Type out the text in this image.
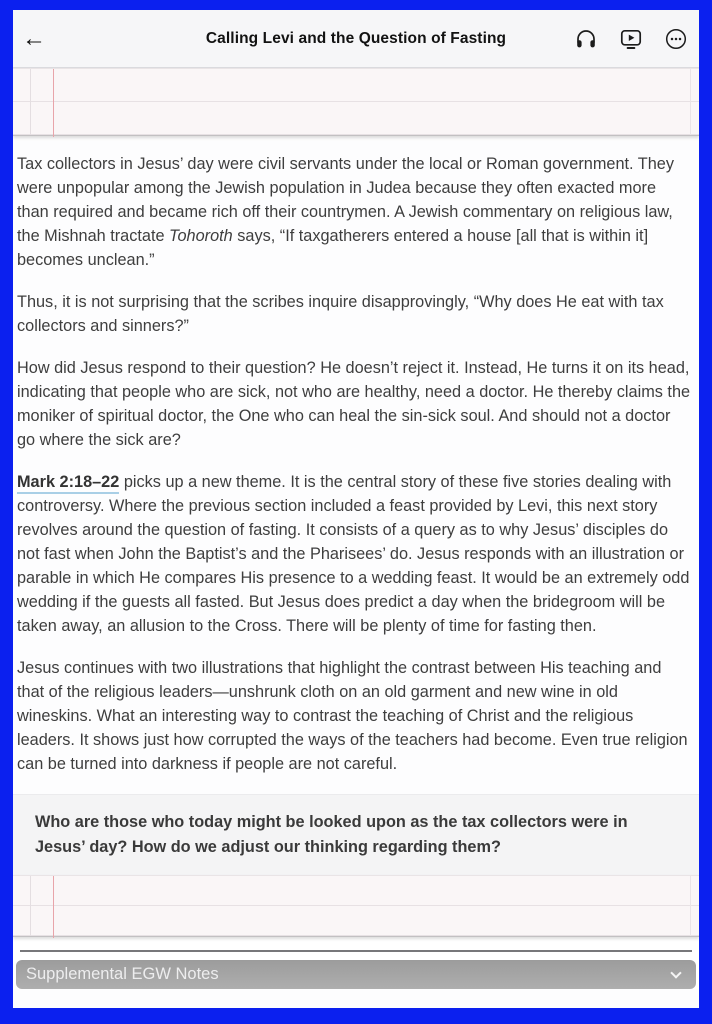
←	Calling Levi and the Question of Fasting

Tax collectors in Jesus’ day were civil servants under the local or Roman government. They were unpopular among the Jewish population in Judea because they often exacted more than required and became rich off their countrymen. A Jewish commentary on religious law, the Mishnah tractate Tohoroth says, “If taxgatherers entered a house [all that is within it] becomes unclean.”

Thus, it is not surprising that the scribes inquire disapprovingly, “Why does He eat with tax collectors and sinners?”

How did Jesus respond to their question? He doesn’t reject it. Instead, He turns it on its head, indicating that people who are sick, not who are healthy, need a doctor. He thereby claims the moniker of spiritual doctor, the One who can heal the sin-sick soul. And should not a doctor go where the sick are?

Mark 2:18–22 picks up a new theme. It is the central story of these five stories dealing with controversy. Where the previous section included a feast provided by Levi, this next story revolves around the question of fasting. It consists of a query as to why Jesus’ disciples do not fast when John the Baptist’s and the Pharisees’ do. Jesus responds with an illustration or parable in which He compares His presence to a wedding feast. It would be an extremely odd wedding if the guests all fasted. But Jesus does predict a day when the bridegroom will be taken away, an allusion to the Cross. There will be plenty of time for fasting then.

Jesus continues with two illustrations that highlight the contrast between His teaching and that of the religious leaders—unshrunk cloth on an old garment and new wine in old wineskins. What an interesting way to contrast the teaching of Christ and the religious leaders. It shows just how corrupted the ways of the teachers had become. Even true religion can be turned into darkness if people are not careful.

Who are those who today might be looked upon as the tax collectors were in Jesus’ day? How do we adjust our thinking regarding them?

Supplemental EGW Notes
